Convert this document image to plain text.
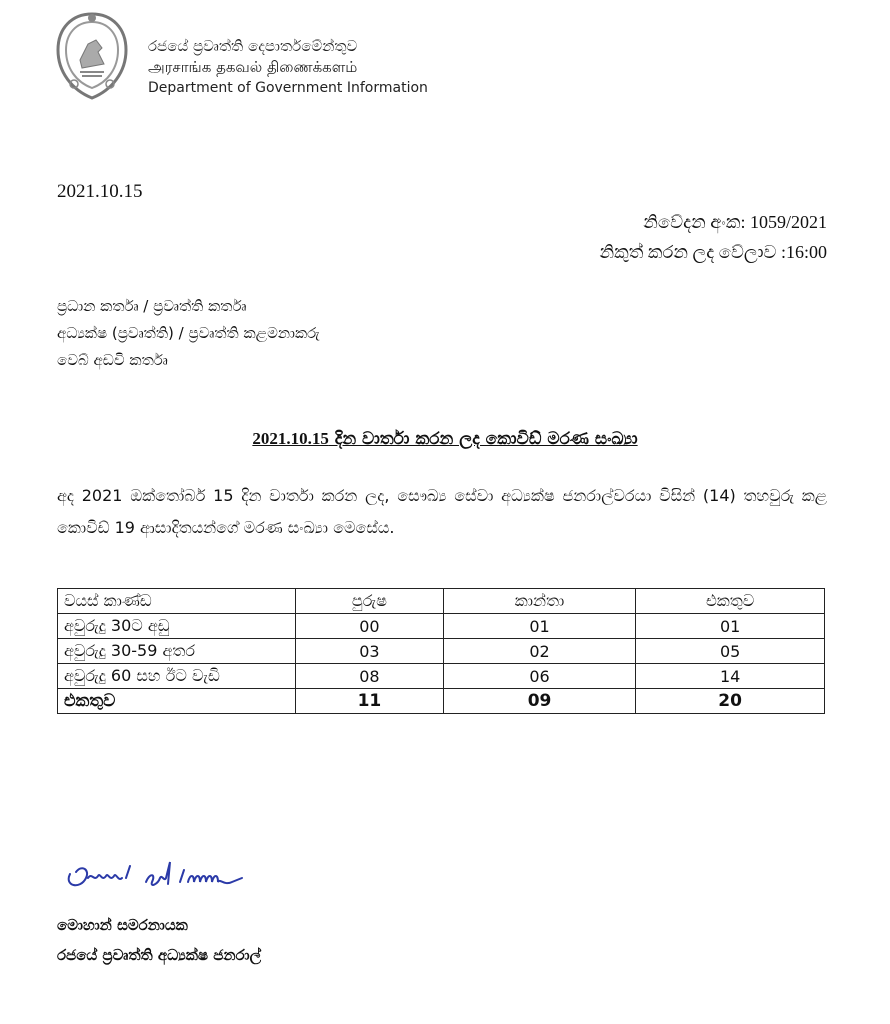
රජයේ ප්‍රවෘත්ති දෙපාර්තමේන්තුව
அரசாங்க தகவல் திணைக்களம்
Department of Government Information
2021.10.15
නිවේදන අංක: 1059/2021
නිකුත් කරන ලද වේලාව :16:00
ප්‍රධාන කර්තෘ / ප්‍රවෘත්ති කර්තෘ
අධ්‍යක්ෂ (ප්‍රවෘත්ති) / ප්‍රවෘත්ති කළමනාකරු
වෙබ් අඩවි කර්තෘ
2021.10.15 දින වාර්තා කරන ලද කොවිඩ් මරණ සංඛ්‍යා
අද 2021 ඔක්තෝබර් 15 දින වාර්තා කරන ලද, සෞඛ්‍ය සේවා අධ්‍යක්ෂ ජනරාල්වරයා විසින් (14) තහවුරු කළ කොවිඩ් 19 ආසාදිතයන්ගේ මරණ සංඛ්‍යා මෙසේය.
වයස් කාණ්ඩ	පුරුෂ	කාන්තා	එකතුව
අවුරුදු 30ට අඩු	00	01	01
අවුරුදු 30-59 අතර	03	02	05
අවුරුදු 60 සහ ඊට වැඩි	08	06	14
එකතුව	11	09	20
මොහාන් සමරනායක
රජයේ ප්‍රවෘත්ති අධ්‍යක්ෂ ජනරාල්
